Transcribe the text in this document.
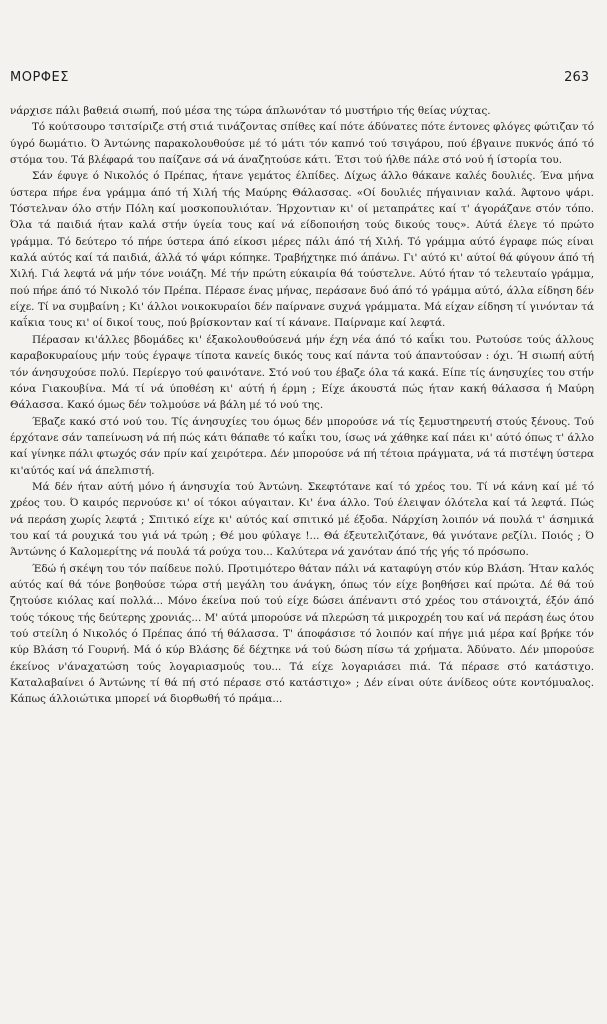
ΜΟΡΦΕΣ	263

νάρχισε πάλι βαθειά σιωπή, πού μέσα της τώρα άπλωνόταν τό μυστήριο τής θείας νύχτας.

Τό κούτσουρο τσιτσίριζε στή στιά τινάζοντας σπίθες καί πότε άδύνατες πότε έντονες φλόγες φώτιζαν τό ύγρό δωμάτιο. Ό Άντώνης παρακολουθούσε μέ τό μάτι τόν καπνό τού τσιγάρου, πού έβγαινε πυκνός άπό τό στόμα του. Τά βλέφαρά του παίζανε σά νά άναζητούσε κάτι. Έτσι τού ήλθε πάλε στό νού ή ίστορία του.

Σάν έφυγε ό Νικολός ό Πρέπας, ήτανε γεμάτος έλπίδες. Δίχως άλλο θάκανε καλές δουλιές. Ένα μήνα ύστερα πήρε ένα γράμμα άπό τή Χιλή τής Μαύρης Θάλασσας. «Οί δουλιές πήγαινιαν καλά. Άφτονο ψάρι. Τόστελναν όλο στήν Πόλη καί μοσκοπουλιόταν. Ήρχοντιαν κι' οί μεταπράτες καί τ' άγοράζανε στόν τόπο. Όλα τά παιδιά ήταν καλά στήν ύγεία τους καί νά είδοποιήση τούς δικούς τους». Αύτά έλεγε τό πρώτο γράμμα. Τό δεύτερο τό πήρε ύστερα άπό είκοσι μέρες πάλι άπό τή Χιλή. Τό γράμμα αύτό έγραφε πώς είναι καλά αύτός καί τά παιδιά, άλλά τό ψάρι κόπηκε. Τραβήχτηκε πιό άπάνω. Γι' αύτό κι' αύτοί θά φύγουν άπό τή Χιλή. Γιά λεφτά νά μήν τόνε νοιάζη. Μέ τήν πρώτη εύκαιρία θά τούστελνε. Αύτό ήταν τό τελευταίο γράμμα, πού πήρε άπό τό Νικολό τόν Πρέπα. Πέρασε ένας μήνας, περάσανε δυό άπό τό γράμμα αύτό, άλλα είδηση δέν είχε. Τί να συμβαίνη ; Κι' άλλοι νοικοκυραίοι δέν παίρνανε συχνά γράμματα. Μά είχαν είδηση τί γινόνταν τά καΐκια τους κι' οί δικοί τους, πού βρίσκονταν καί τί κάνανε. Παίρναμε καί λεφτά.

Πέρασαν κι'άλλες βδομάδες κι' έξακολουθούσενά μήν έχη νέα άπό τό καΐκι του. Ρωτούσε τούς άλλους καραβοκυραίους μήν τούς έγραψε τίποτα κανείς δικός τους καί πάντα τού άπαντούσαν : όχι. Ή σιωπή αύτή τόν άνησυχούσε πολύ. Περίεργο τού φαινότανε. Στό νού του έβαζε όλα τά κακά. Είπε τίς άνησυχίες του στήν κόνα Γιακουβίνα. Μά τί νά ύποθέση κι' αύτή ή έρμη ; Είχε άκουστά πώς ήταν κακή θάλασσα ή Μαύρη Θάλασσα. Κακό όμως δέν τολμούσε νά βάλη μέ τό νού της.

Έβαζε κακό στό νού του. Τίς άνησυχίες του όμως δέν μπορούσε νά τίς ξεμυστηρευτή στούς ξένους. Τού έρχότανε σάν ταπείνωση νά πή πώς κάτι θάπαθε τό καΐκι του, ίσως νά χάθηκε καί πάει κι' αύτό όπως τ' άλλο καί γίνηκε πάλι φτωχός σάν πρίν καί χειρότερα. Δέν μπορούσε νά πή τέτοια πράγματα, νά τά πιστέψη ύστερα κι'αύτός καί νά άπελπιστή.

Μά δέν ήταν αύτή μόνο ή άνησυχία τού Άντώνη. Σκεφτότανε καί τό χρέος του. Τί νά κάνη καί μέ τό χρέος του. Ό καιρός περνούσε κι' οί τόκοι αύγαιταν. Κι' ένα άλλο. Τού έλειψαν όλότελα καί τά λεφτά. Πώς νά περάση χωρίς λεφτά ; Σπιτικό είχε κι' αύτός καί σπιτικό μέ έξοδα. Νάρχίση λοιπόν νά πουλά τ' άσημικά του καί τά ρουχικά του γιά νά τρώη ; Θέ μου φύλαγε !... Θά έξευτελιζότανε, θά γινότανε ρεζίλι. Ποιός ; Ό Άντώνης ό Καλομερίτης νά πουλά τά ρούχα του... Καλύτερα νά χανόταν άπό τής γής τό πρόσωπο.

Έδώ ή σκέψη του τόν παίδευε πολύ. Προτιμότερο θάταν πάλι νά καταφύγη στόν κύρ Βλάση. Ήταν καλός αύτός καί θά τόνε βοηθούσε τώρα στή μεγάλη του άνάγκη, όπως τόν είχε βοηθήσει καί πρώτα. Δέ θά τού ζητούσε κιόλας καί πολλά... Μόνο έκείνα πού τού είχε δώσει άπέναντι στό χρέος του στάνοιχτά, έξόν άπό τούς τόκους τής δεύτερης χρονιάς... Μ' αύτά μπορούσε νά πλερώση τά μικροχρέη του καί νά περάση έως ότου τού στείλη ό Νικολός ό Πρέπας άπό τή θάλασσα. Τ' άποφάσισε τό λοιπόν καί πήγε μιά μέρα καί βρήκε τόν κύρ Βλάση τό Γουρνή. Μά ό κύρ Βλάσης δέ δέχτηκε νά τού δώση πίσω τά χρήματα. Άδύνατο. Δέν μπορούσε έκείνος ν'άναχατώση τούς λογαριασμούς του... Τά είχε λογαριάσει πιά. Τά πέρασε στό κατάστιχο. Καταλαβαίνει ό Άντώνης τί θά πή στό πέρασε στό κατάστιχο» ; Δέν είναι ούτε άνίδεος ούτε κοντόμυαλος. Κάπως άλλοιώτικα μπορεί νά διορθωθή τό πράμα...
